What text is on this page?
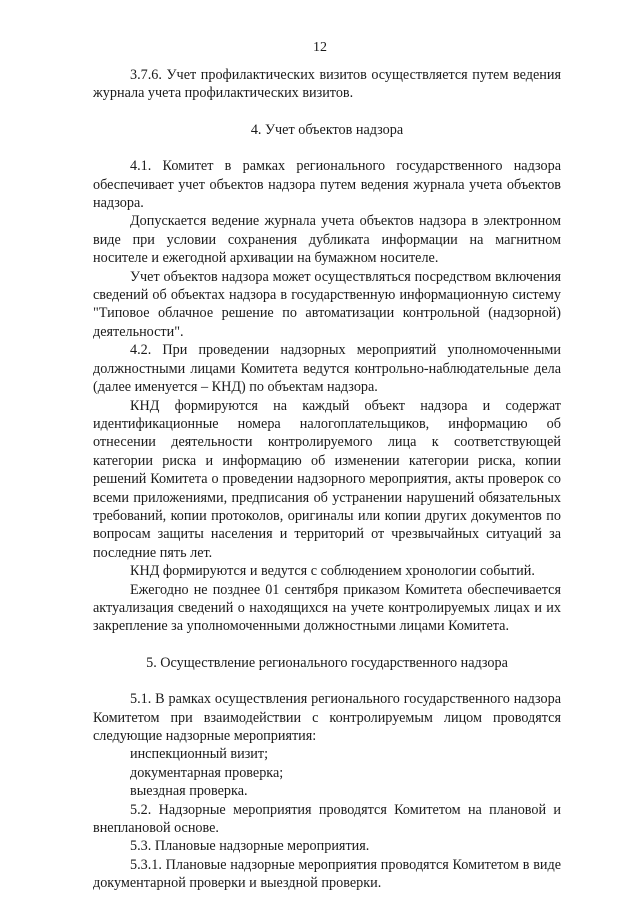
12

3.7.6. Учет профилактических визитов осуществляется путем ведения журнала учета профилактических визитов.

4. Учет объектов надзора

4.1. Комитет в рамках регионального государственного надзора обеспечивает учет объектов надзора путем ведения журнала учета объектов надзора.

Допускается ведение журнала учета объектов надзора в электронном виде при условии сохранения дубликата информации на магнитном носителе и ежегодной архивации на бумажном носителе.

Учет объектов надзора может осуществляться посредством включения сведений об объектах надзора в государственную информационную систему "Типовое облачное решение по автоматизации контрольной (надзорной) деятельности".

4.2. При проведении надзорных мероприятий уполномоченными должностными лицами Комитета ведутся контрольно-наблюдательные дела (далее именуется – КНД) по объектам надзора.

КНД формируются на каждый объект надзора и содержат идентификационные номера налогоплательщиков, информацию об отнесении деятельности контролируемого лица к соответствующей категории риска и информацию об изменении категории риска, копии решений Комитета о проведении надзорного мероприятия, акты проверок со всеми приложениями, предписания об устранении нарушений обязательных требований, копии протоколов, оригиналы или копии других документов по вопросам защиты населения и территорий от чрезвычайных ситуаций за последние пять лет.

КНД формируются и ведутся с соблюдением хронологии событий.

Ежегодно не позднее 01 сентября приказом Комитета обеспечивается актуализация сведений о находящихся на учете контролируемых лицах и их закрепление за уполномоченными должностными лицами Комитета.

5. Осуществление регионального государственного надзора

5.1. В рамках осуществления регионального государственного надзора Комитетом при взаимодействии с контролируемым лицом проводятся следующие надзорные мероприятия:

инспекционный визит;

документарная проверка;

выездная проверка.

5.2. Надзорные мероприятия проводятся Комитетом на плановой и внеплановой основе.

5.3. Плановые надзорные мероприятия.

5.3.1. Плановые надзорные мероприятия проводятся Комитетом в виде документарной проверки и выездной проверки.
